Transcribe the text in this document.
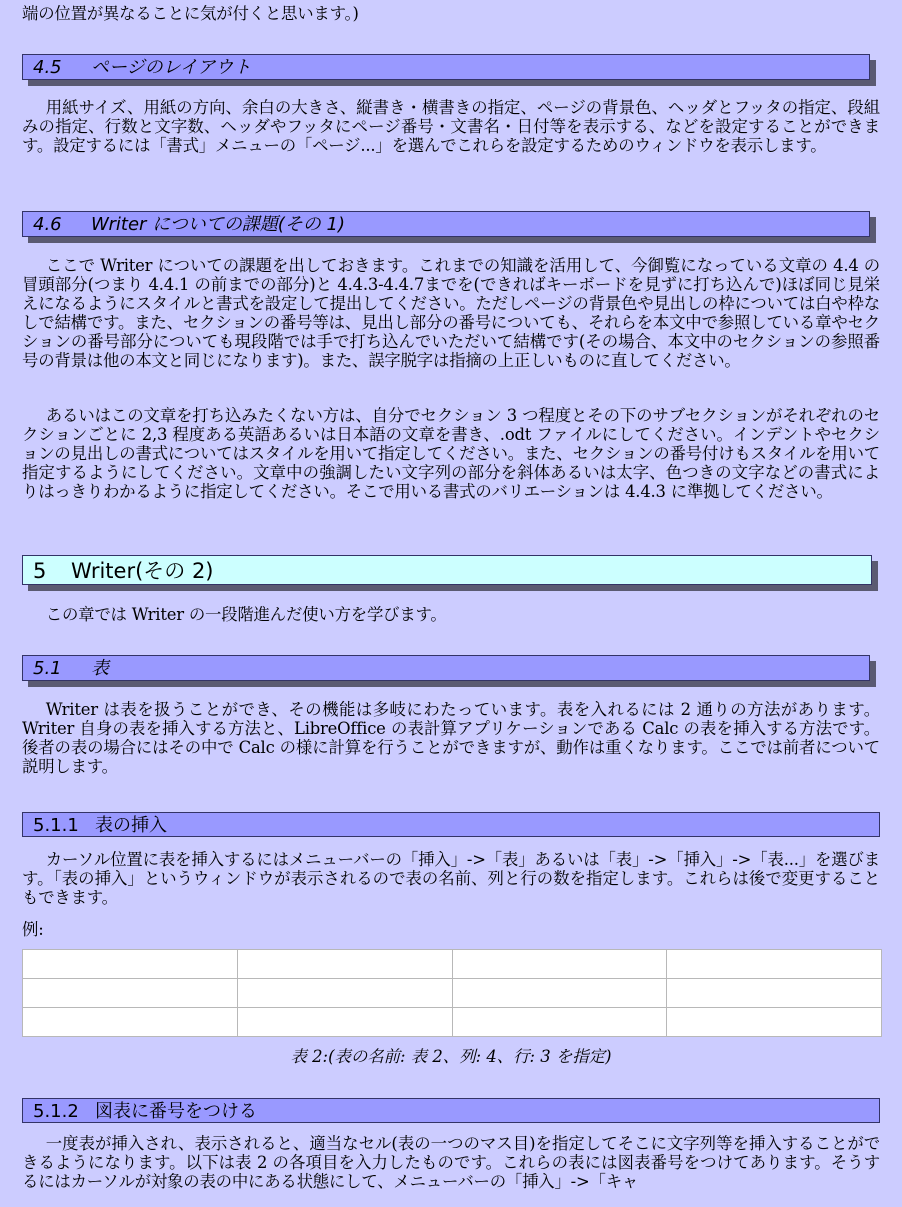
端の位置が異なることに気が付くと思います。)

4.5 ページのレイアウト

用紙サイズ、用紙の方向、余白の大きさ、縦書き・横書きの指定、ページの背景色、ヘッダとフッタの指定、段組みの指定、行数と文字数、ヘッダやフッタにページ番号・文書名・日付等を表示する、などを設定することができます。設定するには「書式」メニューの「ページ...」を選んでこれらを設定するためのウィンドウを表示します。

4.6 Writer についての課題(その 1)

ここで Writer についての課題を出しておきます。これまでの知識を活用して、今御覧になっている文章の 4.4 の冒頭部分(つまり 4.4.1 の前までの部分)と 4.4.3-4.4.7までを(できればキーボードを見ずに打ち込んで)ほぼ同じ見栄えになるようにスタイルと書式を設定して提出してください。ただしページの背景色や見出しの枠については白や枠なしで結構です。また、セクションの番号等は、見出し部分の番号についても、それらを本文中で参照している章やセクションの番号部分についても現段階では手で打ち込んでいただいて結構です(その場合、本文中のセクションの参照番号の背景は他の本文と同じになります)。また、誤字脱字は指摘の上正しいものに直してください。

あるいはこの文章を打ち込みたくない方は、自分でセクション 3 つ程度とその下のサブセクションがそれぞれのセクションごとに 2,3 程度ある英語あるいは日本語の文章を書き、.odt ファイルにしてください。インデントやセクションの見出しの書式についてはスタイルを用いて指定してください。また、セクションの番号付けもスタイルを用いて指定するようにしてください。文章中の強調したい文字列の部分を斜体あるいは太字、色つきの文字などの書式によりはっきりわかるように指定してください。そこで用いる書式のバリエーションは 4.4.3 に準拠してください。

5 Writer(その 2)

この章では Writer の一段階進んだ使い方を学びます。

5.1 表

Writer は表を扱うことができ、その機能は多岐にわたっています。表を入れるには 2 通りの方法があります。Writer 自身の表を挿入する方法と、LibreOffice の表計算アプリケーションである Calc の表を挿入する方法です。後者の表の場合にはその中で Calc の様に計算を行うことができますが、動作は重くなります。ここでは前者について説明します。

5.1.1 表の挿入

カーソル位置に表を挿入するにはメニューバーの「挿入」->「表」あるいは「表」->「挿入」->「表...」を選びます。「表の挿入」というウィンドウが表示されるので表の名前、列と行の数を指定します。これらは後で変更することもできます。

例:

表 2:(表の名前: 表 2、列: 4、行: 3 を指定)
5.1.2 図表に番号をつける

一度表が挿入され、表示されると、適当なセル(表の一つのマス目)を指定してそこに文字列等を挿入することができるようになります。以下は表 2 の各項目を入力したものです。これらの表には図表番号をつけてあります。そうするにはカーソルが対象の表の中にある状態にして、メニューバーの「挿入」->「キャ
